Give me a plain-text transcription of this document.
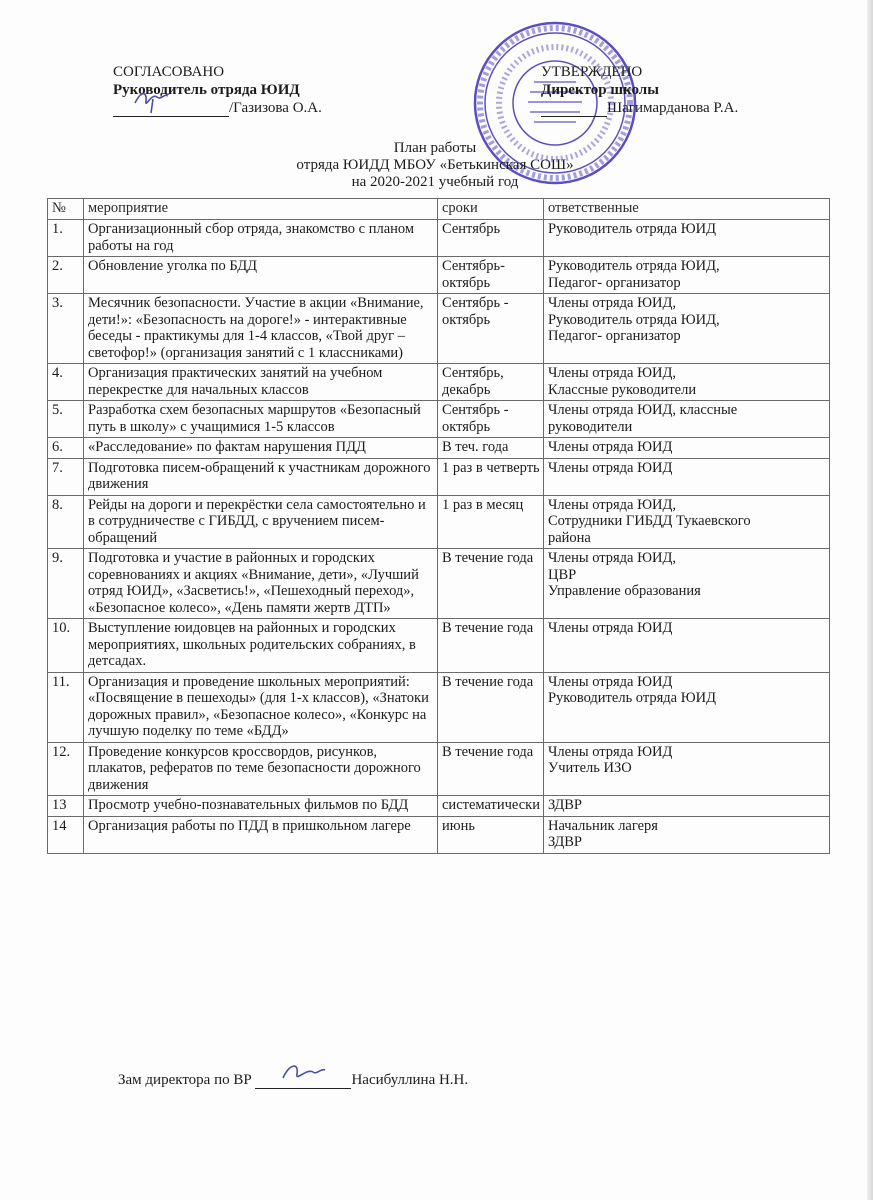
СОГЛАСОВАНО
Руководитель отряда ЮИД
/Газизова О.А.
УТВЕРЖДЕНО
Директор школы
Шагимарданова Р.А.
План работы
отряда ЮИДД МБОУ «Бетькинская СОШ»
на 2020-2021 учебный год
№	мероприятие	сроки	ответственные
1.	Организационный сбор отряда, знакомство с планом работы на год	Сентябрь	Руководитель отряда ЮИД

2.	Обновление уголка по БДД	Сентябрь-октябрь	Руководитель отряда ЮИД,
Педагог- организатор

3.	Месячник безопасности. Участие в акции «Внимание, дети!»: «Безопасность на дороге!» - интерактивные беседы - практикумы для 1-4 классов, «Твой друг – светофор!» (организация занятий с 1 классниками)	Сентябрь - октябрь	Члены отряда ЮИД,
Руководитель отряда ЮИД,
Педагог- организатор

4.	Организация практических занятий на учебном перекрестке для начальных классов	Сентябрь, декабрь	Члены отряда ЮИД,
Классные руководители

5.	Разработка схем безопасных маршрутов «Безопасный путь в школу» с учащимися 1-5 классов	Сентябрь - октябрь	Члены отряда ЮИД, классные
руководители

6.	«Расследование» по фактам нарушения ПДД	В теч. года	Члены отряда ЮИД

7.	Подготовка писем-обращений к участникам дорожного движения	1 раз в четверть	Члены отряда ЮИД

8.	Рейды на дороги и перекрёстки села самостоятельно и в сотрудничестве с ГИБДД, с вручением писем-обращений	1 раз в месяц	Члены отряда ЮИД,
Сотрудники ГИБДД Тукаевского
района

9.	Подготовка и участие в районных и городских соревнованиях и акциях «Внимание, дети», «Лучший отряд ЮИД», «Засветись!», «Пешеходный переход», «Безопасное колесо», «День памяти жертв ДТП»	В течение года	Члены отряда ЮИД,
ЦВР
Управление образования

10.	Выступление юидовцев на районных и городских мероприятиях, школьных родительских собраниях, в детсадах.	В течение года	Члены отряда ЮИД

11.	Организация и проведение школьных мероприятий: «Посвящение в пешеходы» (для 1-х классов), «Знатоки дорожных правил», «Безопасное колесо», «Конкурс на лучшую поделку по теме «БДД»	В течение года	Члены отряда ЮИД
Руководитель отряда ЮИД

12.	Проведение конкурсов кроссвордов, рисунков, плакатов, рефератов по теме безопасности дорожного движения	В течение года	Члены отряда ЮИД
Учитель ИЗО

13	Просмотр учебно-познавательных фильмов по БДД	систематически	ЗДВР

14	Организация работы по ПДД в пришкольном лагере	июнь	Начальник лагеря
ЗДВР
Зам директора по ВР	Насибуллина Н.Н.
